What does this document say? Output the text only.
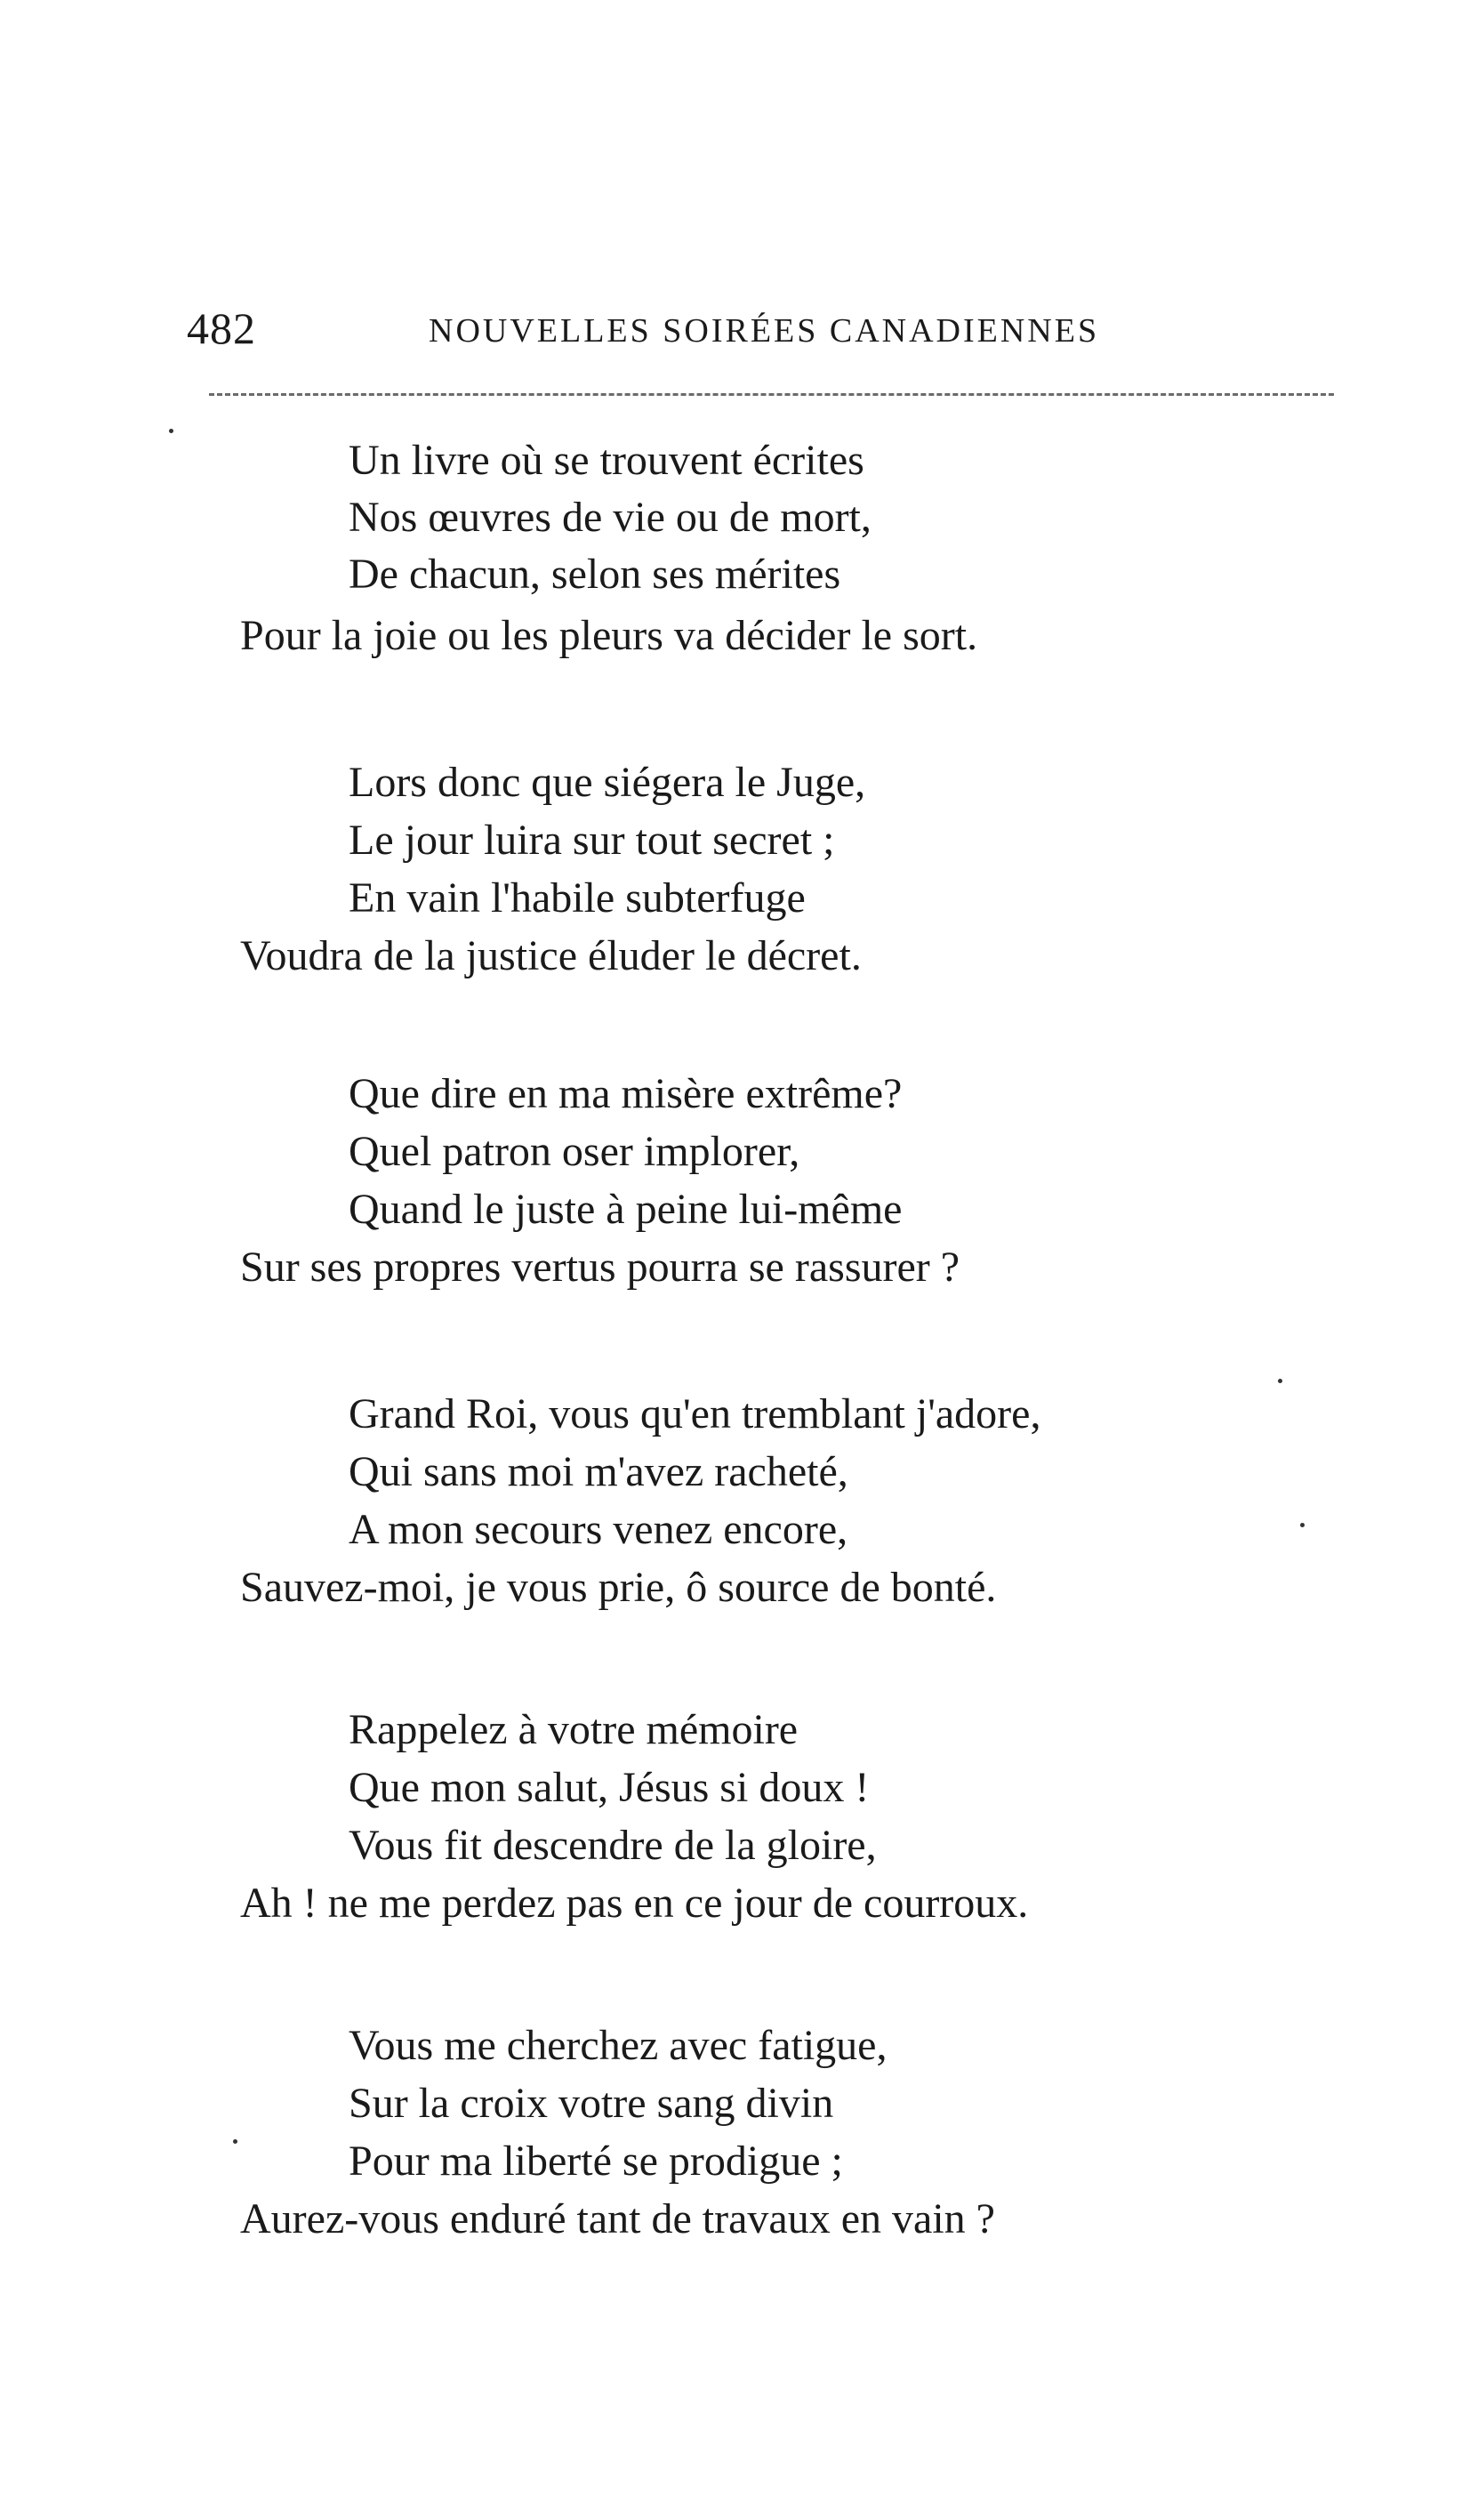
482	NOUVELLES SOIRÉES CANADIENNES
Un livre où se trouvent écrites
Nos œuvres de vie ou de mort,
De chacun, selon ses mérites
Pour la joie ou les pleurs va décider le sort.
Lors donc que siégera le Juge,
Le jour luira sur tout secret ;
En vain l'habile subterfuge
Voudra de la justice éluder le décret.
Que dire en ma misère extrême?
Quel patron oser implorer,
Quand le juste à peine lui-même
Sur ses propres vertus pourra se rassurer ?
Grand Roi, vous qu'en tremblant j'adore,
Qui sans moi m'avez racheté,
A mon secours venez encore,
Sauvez-moi, je vous prie, ô source de bonté.
Rappelez à votre mémoire
Que mon salut, Jésus si doux !
Vous fit descendre de la gloire,
Ah ! ne me perdez pas en ce jour de courroux.
Vous me cherchez avec fatigue,
Sur la croix votre sang divin
Pour ma liberté se prodigue ;
Aurez-vous enduré tant de travaux en vain ?
